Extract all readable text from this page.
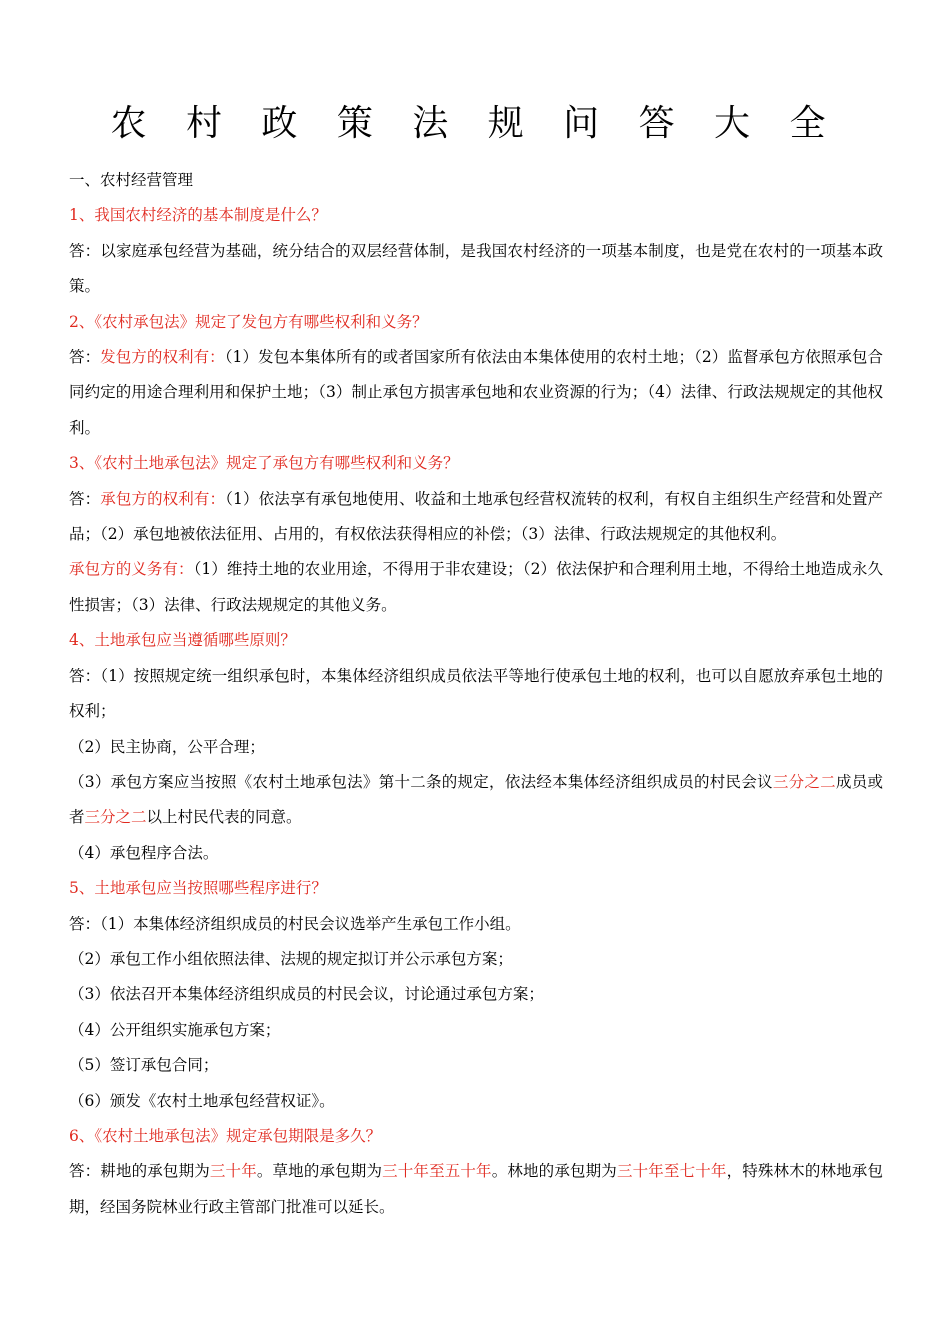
农 村 政 策 法 规 问 答 大 全

一、农村经营管理

1、我国农村经济的基本制度是什么？

答：以家庭承包经营为基础，统分结合的双层经营体制，是我国农村经济的一项基本制度，也是党在农村的一项基本政策。

2、《农村承包法》规定了发包方有哪些权利和义务？

答：发包方的权利有：（1）发包本集体所有的或者国家所有依法由本集体使用的农村土地；（2）监督承包方依照承包合同约定的用途合理利用和保护土地；（3）制止承包方损害承包地和农业资源的行为；（4）法律、行政法规规定的其他权利。

3、《农村土地承包法》规定了承包方有哪些权利和义务？

答：承包方的权利有：（1）依法享有承包地使用、收益和土地承包经营权流转的权利，有权自主组织生产经营和处置产品；（2）承包地被依法征用、占用的，有权依法获得相应的补偿；（3）法律、行政法规规定的其他权利。

承包方的义务有：（1）维持土地的农业用途，不得用于非农建设；（2）依法保护和合理利用土地，不得给土地造成永久性损害；（3）法律、行政法规规定的其他义务。

4、土地承包应当遵循哪些原则？

答：（1）按照规定统一组织承包时，本集体经济组织成员依法平等地行使承包土地的权利，也可以自愿放弃承包土地的权利；

（2）民主协商，公平合理；

（3）承包方案应当按照《农村土地承包法》第十二条的规定，依法经本集体经济组织成员的村民会议三分之二成员或者三分之二以上村民代表的同意。

（4）承包程序合法。

5、土地承包应当按照哪些程序进行？

答：（1）本集体经济组织成员的村民会议选举产生承包工作小组。

（2）承包工作小组依照法律、法规的规定拟订并公示承包方案；

（3）依法召开本集体经济组织成员的村民会议，讨论通过承包方案；

（4）公开组织实施承包方案；

（5）签订承包合同；

（6）颁发《农村土地承包经营权证》。

6、《农村土地承包法》规定承包期限是多久？

答：耕地的承包期为三十年。草地的承包期为三十年至五十年。林地的承包期为三十年至七十年，特殊林木的林地承包期，经国务院林业行政主管部门批准可以延长。
